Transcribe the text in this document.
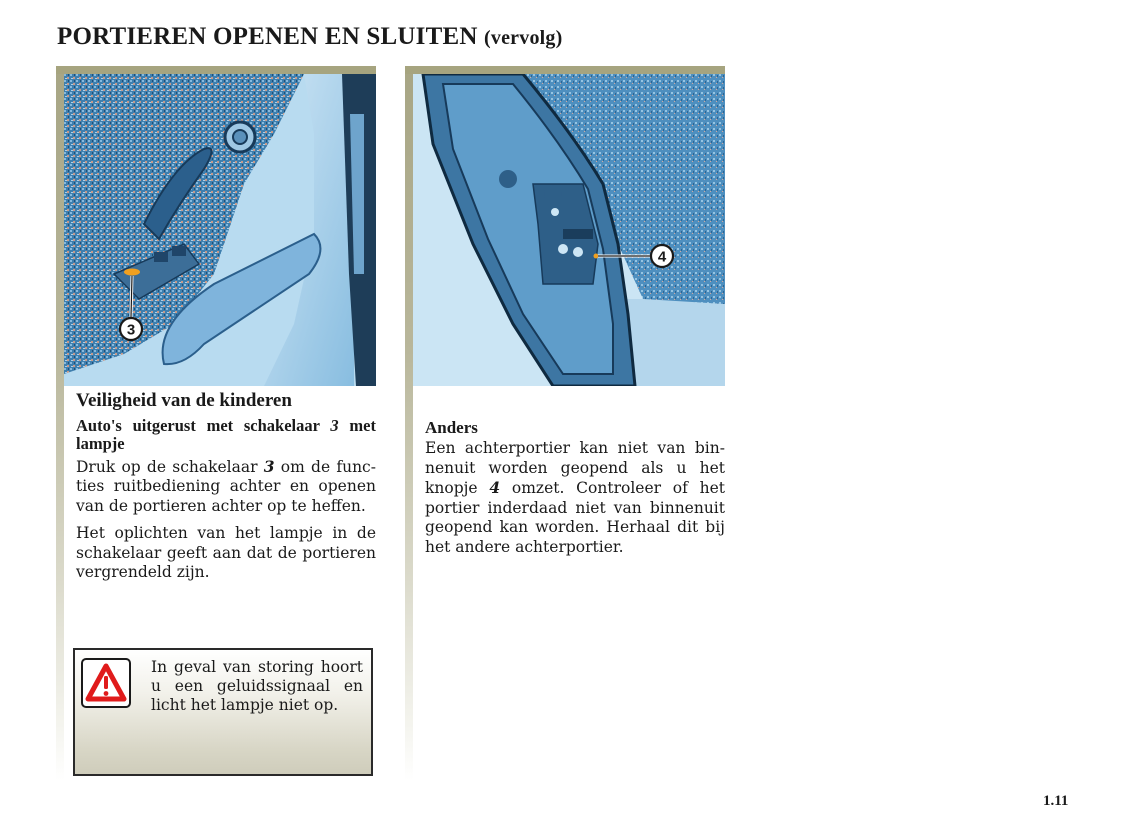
PORTIEREN OPENEN EN SLUITEN (vervolg)
3
Veiligheid van de kinderen

Auto's uitgerust met schakelaar 3 met lampje

Druk op de schakelaar 3 om de functies ruitbediening achter en openen van de portieren achter op te heffen.

Het oplichten van het lampje in de schakelaar geeft aan dat de portieren vergrendeld zijn.

In geval van storing hoort u een geluidssignaal en licht het lampje niet op.

4
Anders

Een achterportier kan niet van binnenuit worden geopend als u het knopje 4 omzet. Controleer of het portier inderdaad niet van binnenuit geopend kan worden. Herhaal dit bij het andere achterportier.

1.11
